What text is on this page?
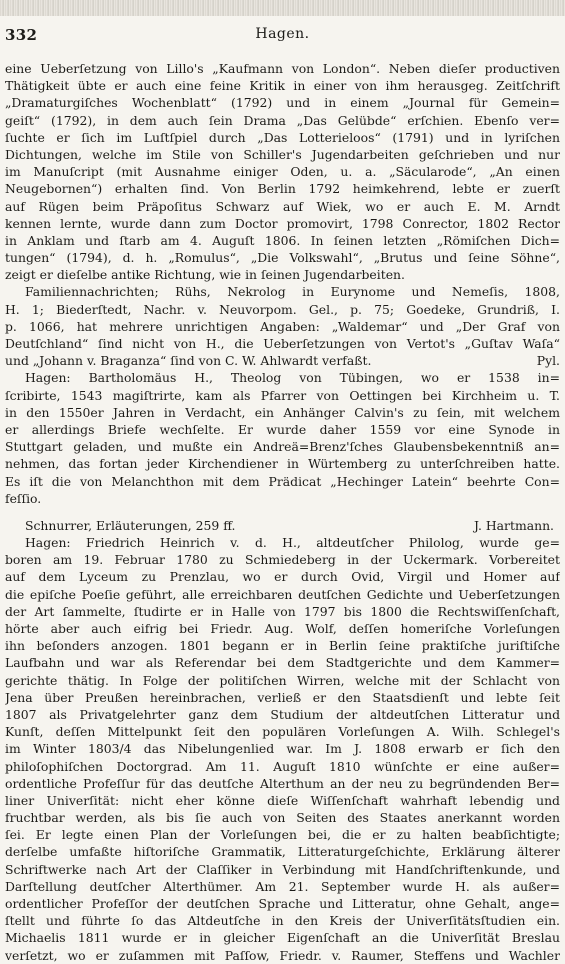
332	Hagen.
eine Ueberſetzung von Lillo's „Kaufmann von London“. Neben dieſer productiven
Thätigkeit übte er auch eine feine Kritik in einer von ihm herausgeg. Zeitſchrift
„Dramaturgiſches Wochenblatt“ (1792) und in einem „Journal für Gemein=
geiſt“ (1792), in dem auch ſein Drama „Das Gelübde“ erſchien. Ebenſo ver=
ſuchte er ſich im Luſtſpiel durch „Das Lotterieloos“ (1791) und in lyriſchen
Dichtungen, welche im Stile von Schiller's Jugendarbeiten geſchrieben und nur
im Manuſcript (mit Ausnahme einiger Oden, u. a. „Säcularode“, „An einen
Neugebornen“) erhalten ſind. Von Berlin 1792 heimkehrend, lebte er zuerſt
auf Rügen beim Präpoſitus Schwarz auf Wiek, wo er auch E. M. Arndt
kennen lernte, wurde dann zum Doctor promovirt, 1798 Conrector, 1802 Rector
in Anklam und ſtarb am 4. Auguſt 1806. In ſeinen letzten „Römiſchen Dich=
tungen“ (1794), d. h. „Romulus“, „Die Volkswahl“, „Brutus und ſeine Söhne“,
zeigt er dieſelbe antike Richtung, wie in ſeinen Jugendarbeiten.
Familiennachrichten; Rühs, Nekrolog in Eurynome und Nemeſis, 1808,
H. 1; Biederſtedt, Nachr. v. Neuvorpom. Gel., p. 75; Goedeke, Grundriß, I.
p. 1066, hat mehrere unrichtigen Angaben: „Waldemar“ und „Der Graf von
Deutſchland“ ſind nicht von H., die Ueberſetzungen von Vertot's „Guſtav Waſa“
und „Johann v. Braganza“ ſind von C. W. Ahlwardt verfaßt.	Pyl.
Hagen: Bartholomäus H., Theolog von Tübingen, wo er 1538 in=
ſcribirte, 1543 magiſtrirte, kam als Pfarrer von Oettingen bei Kirchheim u. T.
in den 1550er Jahren in Verdacht, ein Anhänger Calvin's zu ſein, mit welchem
er allerdings Briefe wechſelte. Er wurde daher 1559 vor eine Synode in
Stuttgart geladen, und mußte ein Andreä=Brenz'ſches Glaubensbekenntniß an=
nehmen, das fortan jeder Kirchendiener in Würtemberg zu unterſchreiben hatte.
Es iſt die von Melanchthon mit dem Prädicat „Hechinger Latein“ beehrte Con=
feſſio.
Schnurrer, Erläuterungen, 259 ff.	J. Hartmann.
Hagen: Friedrich Heinrich v. d. H., altdeutſcher Philolog, wurde ge=
boren am 19. Februar 1780 zu Schmiedeberg in der Uckermark. Vorbereitet
auf dem Lyceum zu Prenzlau, wo er durch Ovid, Virgil und Homer auf
die epiſche Poeſie geführt, alle erreichbaren deutſchen Gedichte und Ueberſetzungen
der Art ſammelte, ſtudirte er in Halle von 1797 bis 1800 die Rechtswiſſenſchaft,
hörte aber auch eifrig bei Friedr. Aug. Wolf, deſſen homeriſche Vorleſungen
ihn beſonders anzogen. 1801 begann er in Berlin ſeine praktiſche juriſtiſche
Laufbahn und war als Referendar bei dem Stadtgerichte und dem Kammer=
gerichte thätig. In Folge der politiſchen Wirren, welche mit der Schlacht von
Jena über Preußen hereinbrachen, verließ er den Staatsdienſt und lebte ſeit
1807 als Privatgelehrter ganz dem Studium der altdeutſchen Litteratur und
Kunſt, deſſen Mittelpunkt ſeit den populären Vorleſungen A. Wilh. Schlegel's
im Winter 1803/4 das Nibelungenlied war. Im J. 1808 erwarb er ſich den
philoſophiſchen Doctorgrad. Am 11. Auguſt 1810 wünſchte er eine außer=
ordentliche Profeſſur für das deutſche Alterthum an der neu zu begründenden Ber=
liner Univerſität: nicht eher könne dieſe Wiſſenſchaft wahrhaft lebendig und
fruchtbar werden, als bis ſie auch von Seiten des Staates anerkannt worden
ſei. Er legte einen Plan der Vorleſungen bei, die er zu halten beabſichtigte;
derſelbe umfaßte hiſtoriſche Grammatik, Litteraturgeſchichte, Erklärung älterer
Schriftwerke nach Art der Claſſiker in Verbindung mit Handſchriftenkunde, und
Darſtellung deutſcher Alterthümer. Am 21. September wurde H. als außer=
ordentlicher Profeſſor der deutſchen Sprache und Litteratur, ohne Gehalt, ange=
ſtellt und führte ſo das Altdeutſche in den Kreis der Univerſitätsſtudien ein.
Michaelis 1811 wurde er in gleicher Eigenſchaft an die Univerſität Breslau
verſetzt, wo er zuſammen mit Paſſow, Friedr. v. Raumer, Steffens und Wachler
